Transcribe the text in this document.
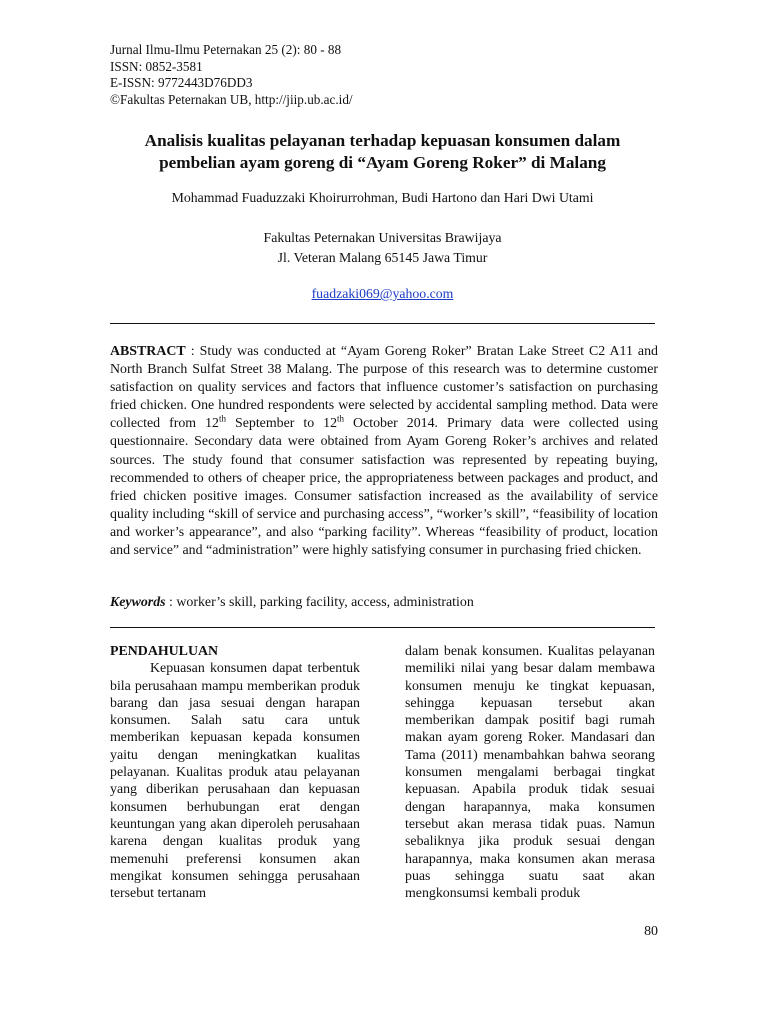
Jurnal Ilmu-Ilmu Peternakan 25 (2): 80 - 88
ISSN: 0852-3581
E-ISSN: 9772443D76DD3
©Fakultas Peternakan UB, http://jiip.ub.ac.id/
Analisis kualitas pelayanan terhadap kepuasan konsumen dalam
pembelian ayam goreng di “Ayam Goreng Roker” di Malang
Mohammad Fuaduzzaki Khoirurrohman, Budi Hartono dan Hari Dwi Utami
Fakultas Peternakan Universitas Brawijaya
Jl. Veteran Malang 65145 Jawa Timur
fuadzaki069@yahoo.com

ABSTRACT : Study was conducted at “Ayam Goreng Roker” Bratan Lake Street C2 A11 and North Branch Sulfat Street 38 Malang. The purpose of this research was to determine customer satisfaction on quality services and factors that influence customer’s satisfaction on purchasing fried chicken. One hundred respondents were selected by accidental sampling method. Data were collected from 12th September to 12th October 2014. Primary data were collected using questionnaire. Secondary data were obtained from Ayam Goreng Roker’s archives and related sources. The study found that consumer satisfaction was represented by repeating buying, recommended to others of cheaper price, the appropriateness between packages and product, and fried chicken positive images. Consumer satisfaction increased as the availability of service quality including “skill of service and purchasing access”, “worker’s skill”, “feasibility of location and worker’s appearance”, and also “parking facility”. Whereas “feasibility of product, location and service” and “administration” were highly satisfying consumer in purchasing fried chicken.

Keywords : worker’s skill, parking facility, access, administration

PENDAHULUAN

Kepuasan konsumen dapat terbentuk bila perusahaan mampu memberikan produk barang dan jasa sesuai dengan harapan konsumen. Salah satu cara untuk memberikan kepuasan kepada konsumen yaitu dengan meningkatkan kualitas pelayanan. Kualitas produk atau pelayanan yang diberikan perusahaan dan kepuasan konsumen berhubungan erat dengan keuntungan yang akan diperoleh perusahaan karena dengan kualitas produk yang memenuhi preferensi konsumen akan mengikat konsumen sehingga perusahaan tersebut tertanam

dalam benak konsumen. Kualitas pelayanan memiliki nilai yang besar dalam membawa konsumen menuju ke tingkat kepuasan, sehingga kepuasan tersebut akan memberikan dampak positif bagi rumah makan ayam goreng Roker. Mandasari dan Tama (2011) menambahkan bahwa seorang konsumen mengalami berbagai tingkat kepuasan. Apabila produk tidak sesuai dengan harapannya, maka konsumen tersebut akan merasa tidak puas. Namun sebaliknya jika produk sesuai dengan harapannya, maka konsumen akan merasa puas sehingga suatu saat akan mengkonsumsi kembali produk

80
